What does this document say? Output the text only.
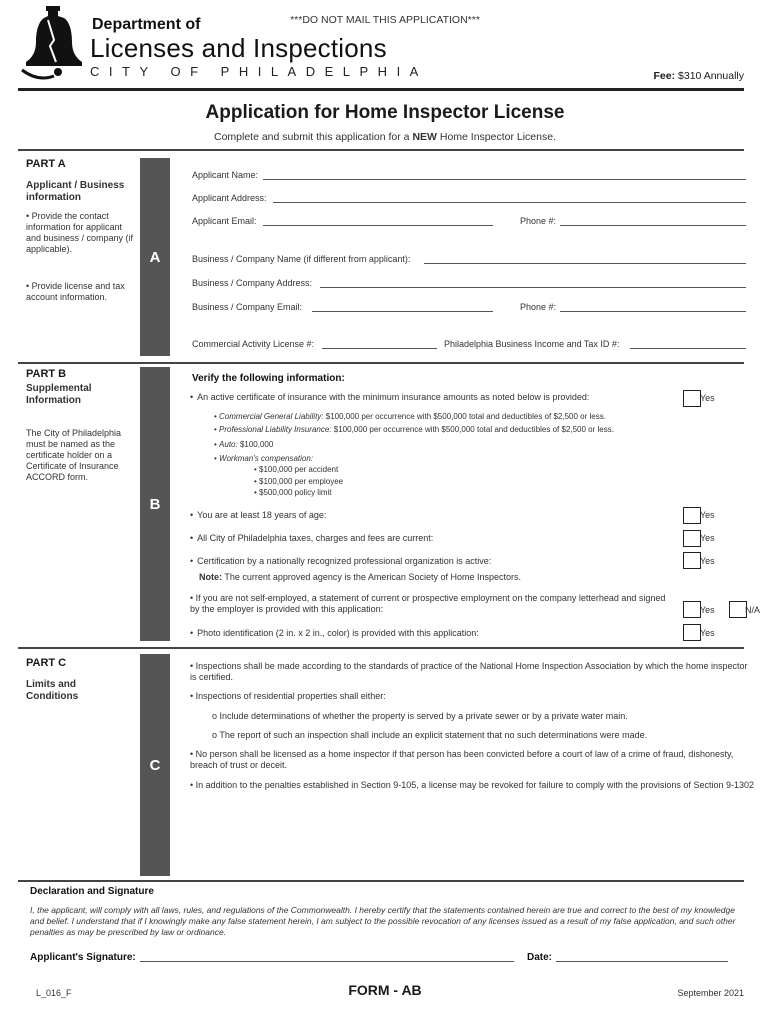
Department of
Licenses and Inspections
CITY OF PHILADELPHIA
***DO NOT MAIL THIS APPLICATION***
Fee: $310 Annually
Application for Home Inspector License
Complete and submit this application for a NEW Home Inspector License.
PART A
Applicant / Business information
• Provide the contact information for applicant and business / company (if applicable).
• Provide license and tax account information.
A
Applicant Name:
Applicant Address:
Applicant Email:	Phone #:
Business / Company Name (if different from applicant):
Business / Company Address:
Business / Company Email:	Phone #:
Commercial Activity License #:	Philadelphia Business Income and Tax ID #:
PART B
Supplemental Information
The City of Philadelphia must be named as the certificate holder on a Certificate of Insurance ACCORD form.
B
Verify the following information:
• An active certificate of insurance with the minimum insurance amounts as noted below is provided:	Yes
• Commercial General Liability: $100,000 per occurrence with $500,000 total and deductibles of $2,500 or less.
• Professional Liability Insurance: $100,000 per occurrence with $500,000 total and deductibles of $2,500 or less.
• Auto: $100,000
• Workman's compensation:
• $100,000 per accident
• $100,000 per employee
• $500,000 policy limit
• You are at least 18 years of age:	Yes
• All City of Philadelphia taxes, charges and fees are current:	Yes
• Certification by a nationally recognized professional organization is active:	Yes
Note: The current approved agency is the American Society of Home Inspectors.
• If you are not self-employed, a statement of current or prospective employment on the company letterhead and signed by the employer is provided with this application:	Yes	N/A
• Photo identification (2 in. x 2 in., color) is provided with this application:	Yes
PART C
Limits and Conditions
C
• Inspections shall be made according to the standards of practice of the National Home Inspection Association by which the home inspector is certified.
• Inspections of residential properties shall either:
o Include determinations of whether the property is served by a private sewer or by a private water main.
o The report of such an inspection shall include an explicit statement that no such determinations were made.
• No person shall be licensed as a home inspector if that person has been convicted before a court of law of a crime of fraud, dishonesty, breach of trust or deceit.
• In addition to the penalties established in Section 9-105, a license may be revoked for failure to comply with the provisions of Section 9-1302
Declaration and Signature
I, the applicant, will comply with all laws, rules, and regulations of the Commonwealth. I hereby certify that the statements contained herein are true and correct to the best of my knowledge and belief. I understand that if I knowingly make any false statement herein, I am subject to the possible revocation of any licenses issued as a result of my false application, and such other penalties as may be prescribed by law or ordinance.
Applicant's Signature:	Date:
L_016_F	FORM - AB	September 2021
